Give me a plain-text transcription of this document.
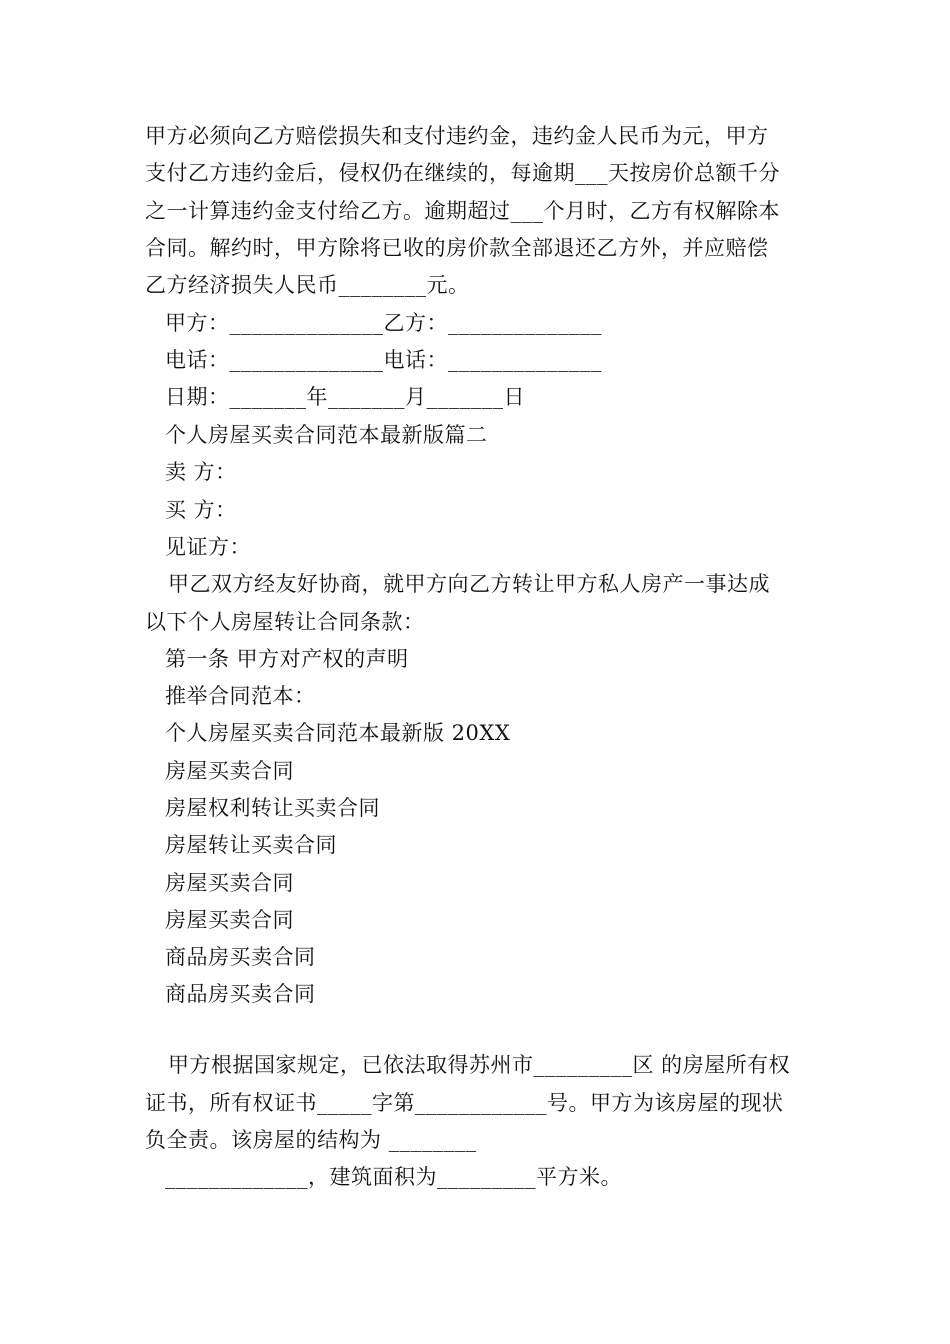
甲方必须向乙方赔偿损失和支付违约金，违约金人民币为元，甲方

支付乙方违约金后，侵权仍在继续的，每逾期___天按房价总额千分

之一计算违约金支付给乙方。逾期超过___个月时，乙方有权解除本

合同。解约时，甲方除将已收的房价款全部退还乙方外，并应赔偿

乙方经济损失人民币________元。

甲方：______________乙方：______________

电话：______________电话：______________

日期：_______年_______月_______日

个人房屋买卖合同范本最新版篇二

卖 方：

买 方：

见证方：

甲乙双方经友好协商，就甲方向乙方转让甲方私人房产一事达成

以下个人房屋转让合同条款：

第一条 甲方对产权的声明

推举合同范本：

个人房屋买卖合同范本最新版 20XX

房屋买卖合同

房屋权利转让买卖合同

房屋转让买卖合同

房屋买卖合同

房屋买卖合同

商品房买卖合同

商品房买卖合同

甲方根据国家规定，已依法取得苏州市_________区 的房屋所有权

证书，所有权证书_____字第____________号。甲方为该房屋的现状

负全责。该房屋的结构为 ________

_____________，建筑面积为_________平方米。
